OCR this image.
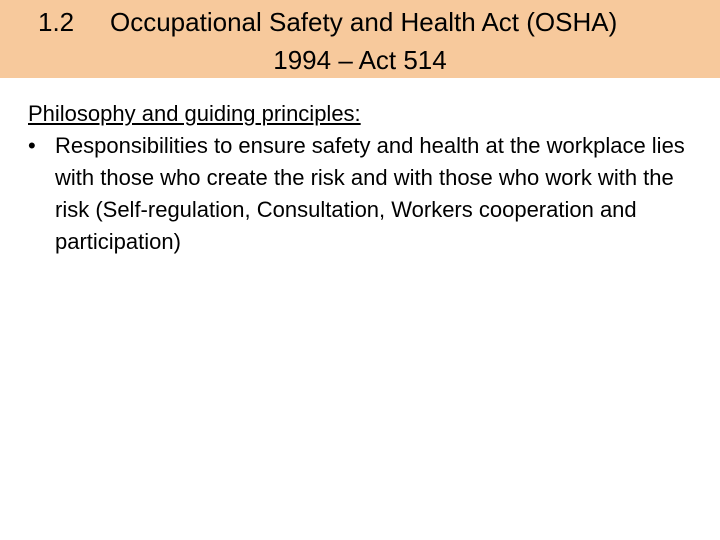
1.2 Occupational Safety and Health Act (OSHA)
1994 – Act 514

Philosophy and guiding principles:

• Responsibilities to ensure safety and health at the workplace lies with those who create the risk and with those who work with the risk (Self-regulation, Consultation, Workers cooperation and participation)
